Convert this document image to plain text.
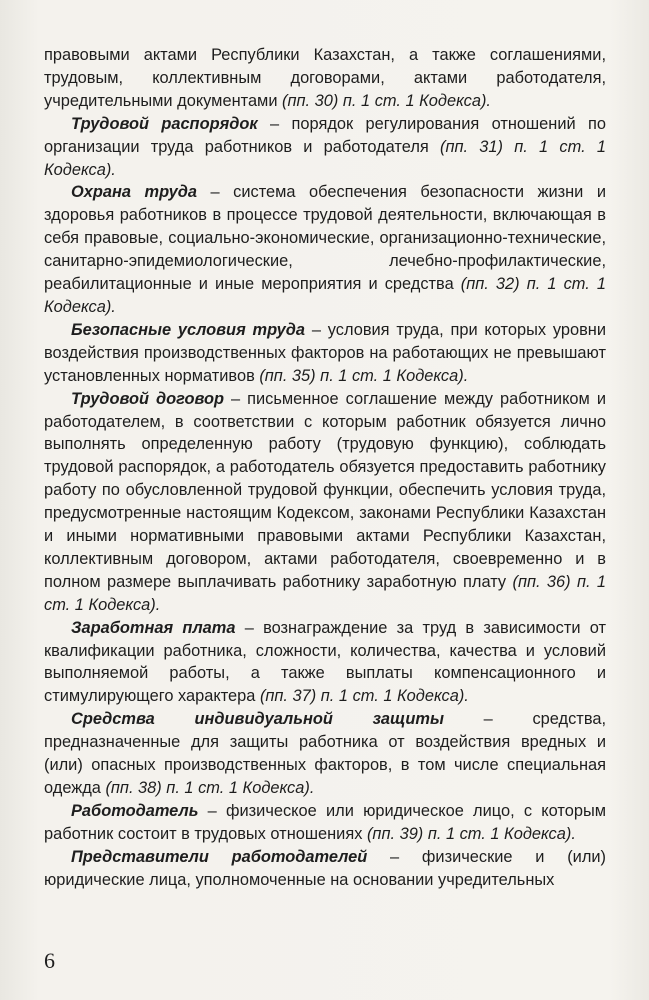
правовыми актами Республики Казахстан, а также соглашениями, трудовым, коллективным договорами, актами работодателя, учредительными документами (пп. 30) п. 1 ст. 1 Кодекса).

Трудовой распорядок – порядок регулирования отношений по организации труда работников и работодателя (пп. 31) п. 1 ст. 1 Кодекса).

Охрана труда – система обеспечения безопасности жизни и здоровья работников в процессе трудовой деятельности, включающая в себя правовые, социально-экономические, организационно-технические, санитарно-эпидемиологические, лечебно-профилактические, реабилитационные и иные мероприятия и средства (пп. 32) п. 1 ст. 1 Кодекса).

Безопасные условия труда – условия труда, при которых уровни воздействия производственных факторов на работающих не превышают установленных нормативов (пп. 35) п. 1 ст. 1 Кодекса).

Трудовой договор – письменное соглашение между работником и работодателем, в соответствии с которым работник обязуется лично выполнять определенную работу (трудовую функцию), соблюдать трудовой распорядок, а работодатель обязуется предоставить работнику работу по обусловленной трудовой функции, обеспечить условия труда, предусмотренные настоящим Кодексом, законами Республики Казахстан и иными нормативными правовыми актами Республики Казахстан, коллективным договором, актами работодателя, своевременно и в полном размере выплачивать работнику заработную плату (пп. 36) п. 1 ст. 1 Кодекса).

Заработная плата – вознаграждение за труд в зависимости от квалификации работника, сложности, количества, качества и условий выполняемой работы, а также выплаты компенсационного и стимулирующего характера (пп. 37) п. 1 ст. 1 Кодекса).

Средства индивидуальной защиты – средства, предназначенные для защиты работника от воздействия вредных и (или) опасных производственных факторов, в том числе специальная одежда (пп. 38) п. 1 ст. 1 Кодекса).

Работодатель – физическое или юридическое лицо, с которым работник состоит в трудовых отношениях (пп. 39) п. 1 ст. 1 Кодекса).

Представители работодателей – физические и (или) юридические лица, уполномоченные на основании учредительных

6
